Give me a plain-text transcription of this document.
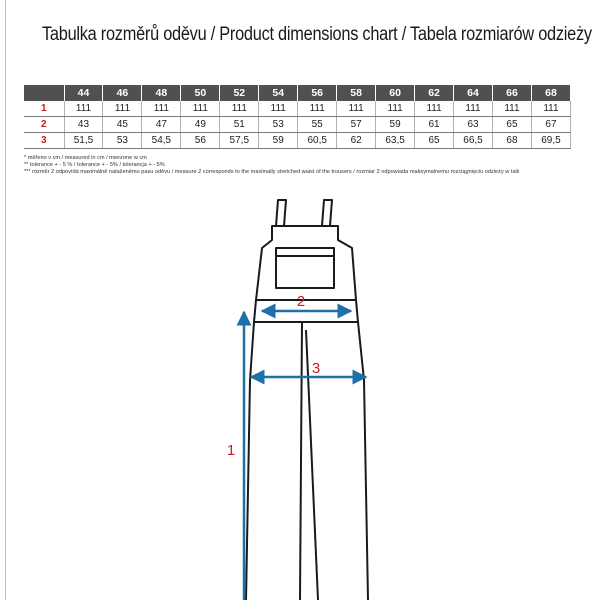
Tabulka rozměrů oděvu / Product dimensions chart / Tabela rozmiarów odzieży
	44	46	48	50	52	54	56	58	60	62	64	66	68
1	111	111	111	111	111	111	111	111	111	111	111	111	111
2	43	45	47	49	51	53	55	57	59	61	63	65	67
3	51,5	53	54,5	56	57,5	59	60,5	62	63,5	65	66,5	68	69,5
* měřeno v cm / measured in cm / mierzone w cm
** tolerance + - 5 % / tolerance + - 5% / tolerancja + - 5%
*** rozměr 2 odpovídá maximálně nataženému pasu oděvu / measure 2 corresponds to the maximally stretched waist of the trousers / rozmiar 2 odpowiada maksymalnemu rozciągnięciu odzieży w talii
2
3
1
